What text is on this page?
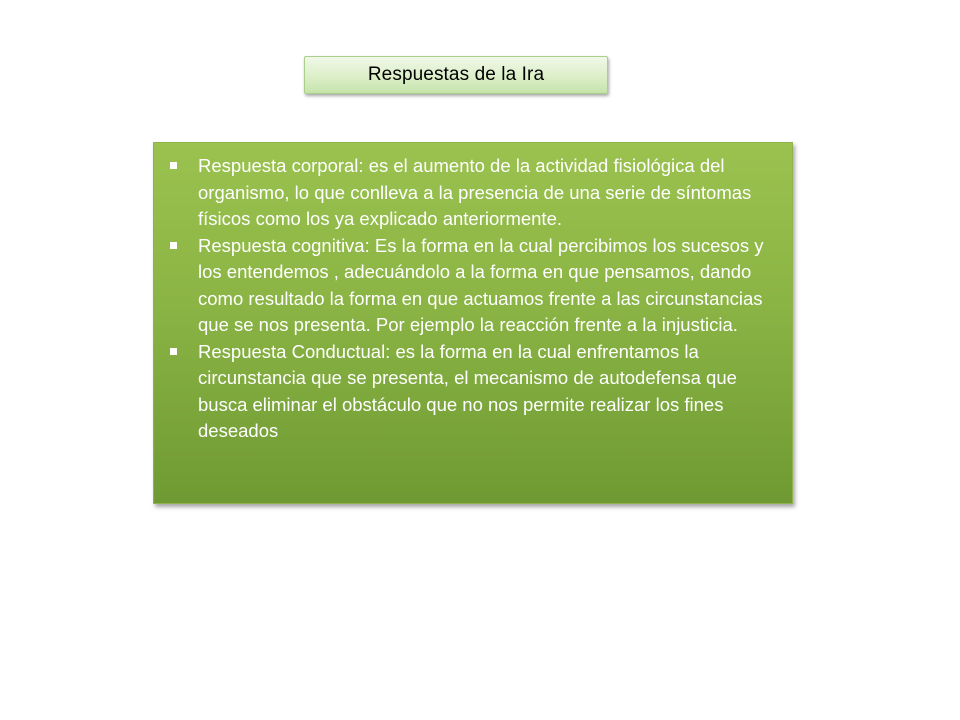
Respuestas de la Ira
Respuesta corporal: es el aumento de la actividad fisiológica del organismo, lo que conlleva a la presencia de una serie de síntomas físicos como los ya explicado anteriormente.
Respuesta cognitiva: Es la forma en la cual percibimos los sucesos y los entendemos , adecuándolo a la forma en que pensamos, dando como resultado la forma en que actuamos frente a las circunstancias que se nos presenta. Por ejemplo la reacción frente a la injusticia.
Respuesta Conductual: es la forma en la cual enfrentamos la circunstancia que se presenta, el mecanismo de autodefensa que busca eliminar el obstáculo que no nos permite realizar los fines deseados
